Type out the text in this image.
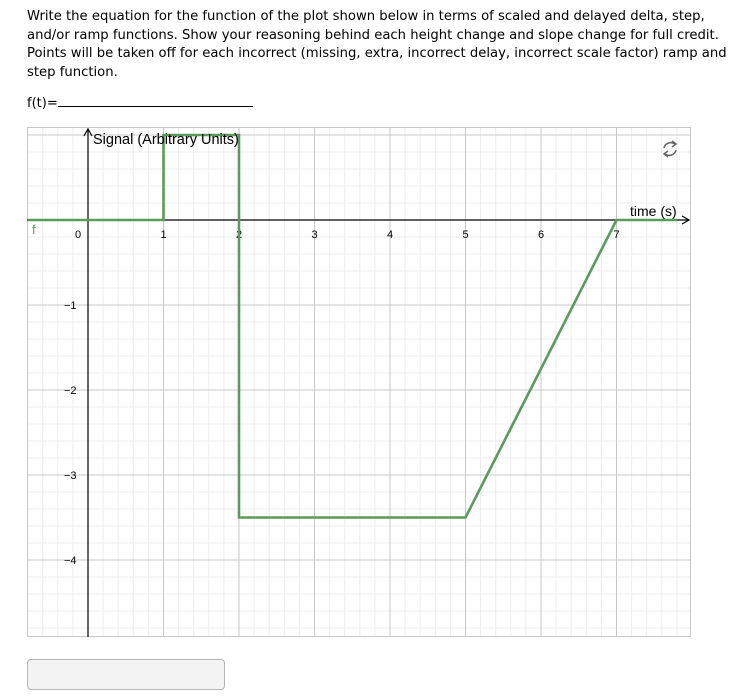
Write the equation for the function of the plot shown below in terms of scaled and delayed delta, step, and/or ramp functions. Show your reasoning behind each height change and slope change for full credit. Points will be taken off for each incorrect (missing, extra, incorrect delay, incorrect scale factor) ramp and step function.

f(t)=
0	1	2	3	4	5	6	7
−1
−2
−3
−4
f
Signal (Arbitrary Units)
time (s)
